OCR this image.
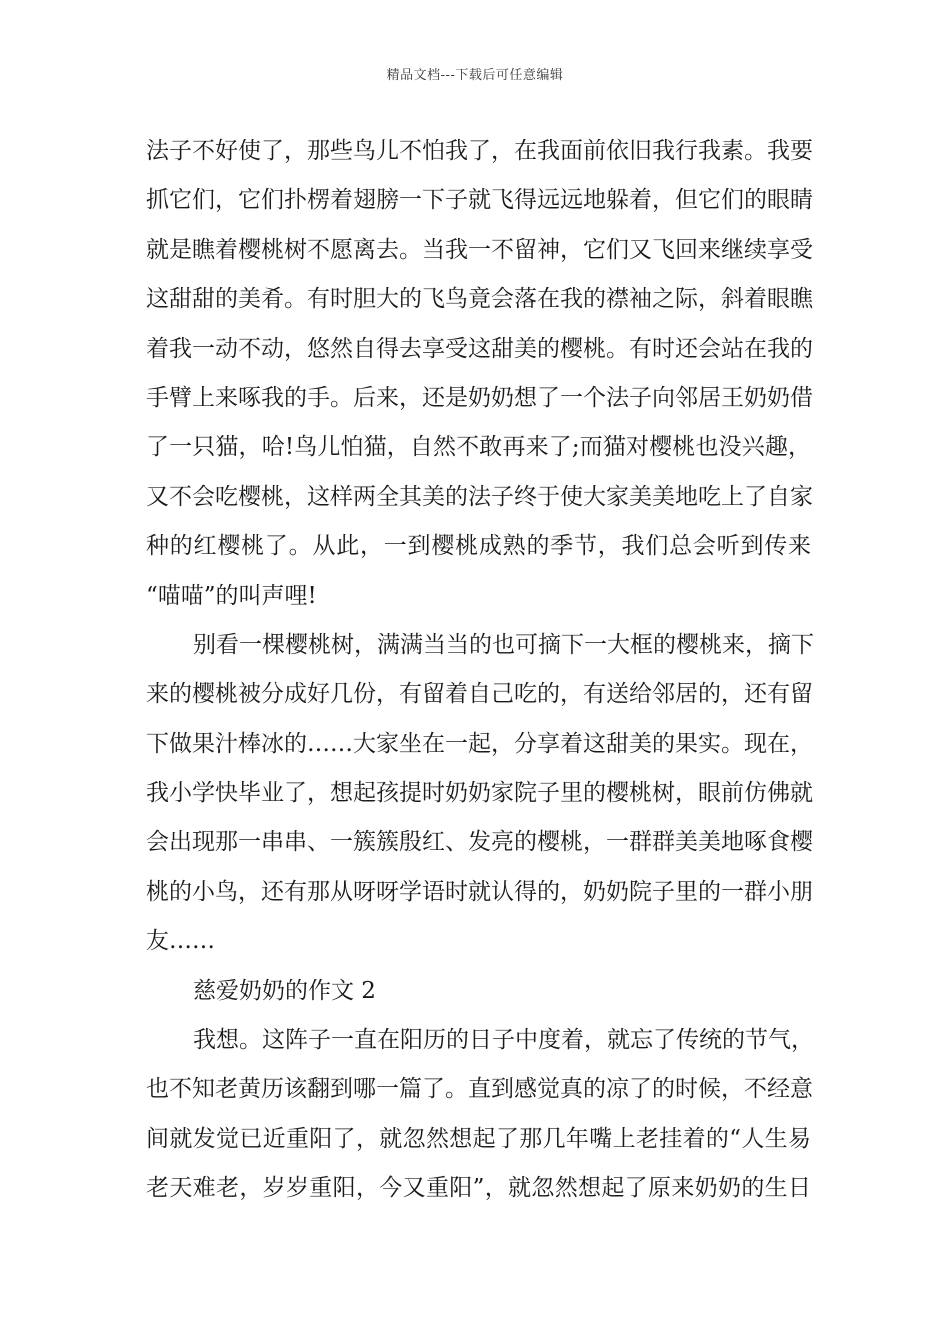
精品文档---下载后可任意编辑
法子不好使了，那些鸟儿不怕我了，在我面前依旧我行我素。我要
抓它们，它们扑楞着翅膀一下子就飞得远远地躲着，但它们的眼睛
就是瞧着樱桃树不愿离去。当我一不留神，它们又飞回来继续享受
这甜甜的美肴。有时胆大的飞鸟竟会落在我的襟袖之际，斜着眼瞧
着我一动不动，悠然自得去享受这甜美的樱桃。有时还会站在我的
手臂上来啄我的手。后来，还是奶奶想了一个法子向邻居王奶奶借
了一只猫，哈!鸟儿怕猫，自然不敢再来了;而猫对樱桃也没兴趣，
又不会吃樱桃，这样两全其美的法子终于使大家美美地吃上了自家
种的红樱桃了。从此，一到樱桃成熟的季节，我们总会听到传来
“喵喵”的叫声哩!
别看一棵樱桃树，满满当当的也可摘下一大框的樱桃来，摘下
来的樱桃被分成好几份，有留着自己吃的，有送给邻居的，还有留
下做果汁棒冰的……大家坐在一起，分享着这甜美的果实。现在，
我小学快毕业了，想起孩提时奶奶家院子里的樱桃树，眼前仿佛就
会出现那一串串、一簇簇殷红、发亮的樱桃，一群群美美地啄食樱
桃的小鸟，还有那从呀呀学语时就认得的，奶奶院子里的一群小朋
友……
慈爱奶奶的作文 2
我想。这阵子一直在阳历的日子中度着，就忘了传统的节气，
也不知老黄历该翻到哪一篇了。直到感觉真的凉了的时候，不经意
间就发觉已近重阳了，就忽然想起了那几年嘴上老挂着的“人生易
老天难老，岁岁重阳，今又重阳”，就忽然想起了原来奶奶的生日
